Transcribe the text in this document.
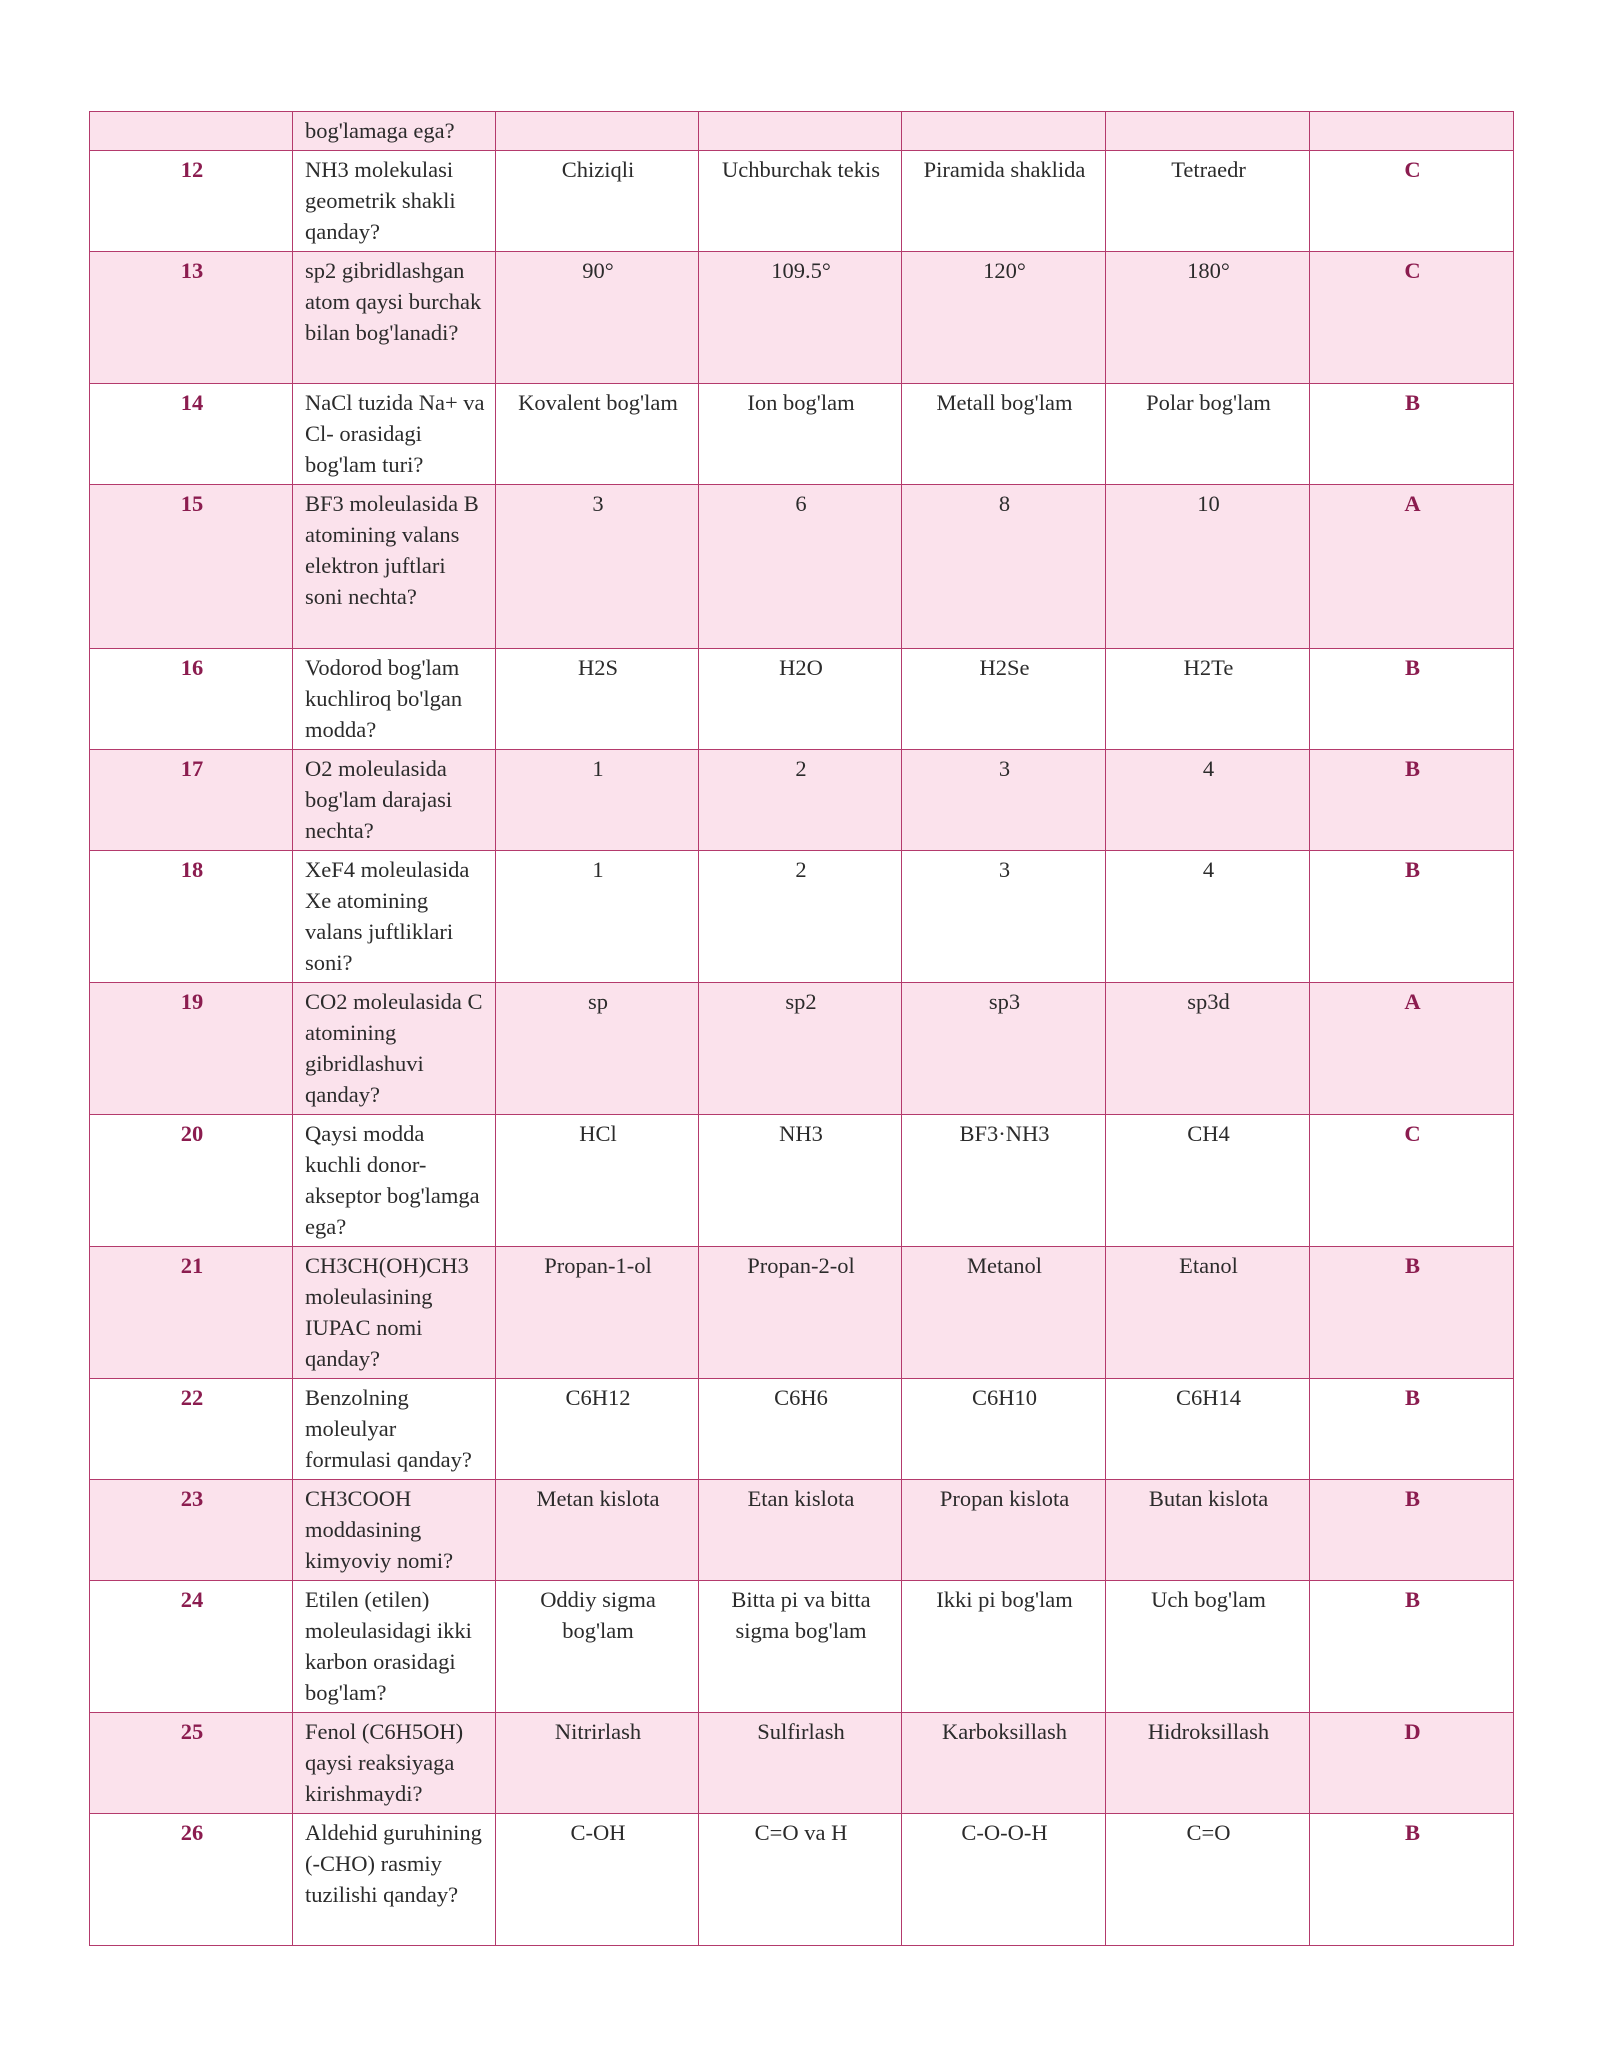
	bog'lamaga ega?					
12	NH3 molekulasi geometrik shakli qanday?	Chiziqli	Uchburchak tekis	Piramida shaklida	Tetraedr	C
13	sp2 gibridlashgan atom qaysi burchak bilan bog'lanadi?	90°	109.5°	120°	180°	C
14	NaCl tuzida Na+ va Cl- orasidagi bog'lam turi?	Kovalent bog'lam	Ion bog'lam	Metall bog'lam	Polar bog'lam	B
15	BF3 moleulasida B atomining valans elektron juftlari soni nechta?	3	6	8	10	A
16	Vodorod bog'lam kuchliroq bo'lgan modda?	H2S	H2O	H2Se	H2Te	B
17	O2 moleulasida bog'lam darajasi nechta?	1	2	3	4	B
18	XeF4 moleulasida Xe atomining valans juftliklari soni?	1	2	3	4	B
19	CO2 moleulasida C atomining gibridlashuvi qanday?	sp	sp2	sp3	sp3d	A
20	Qaysi modda kuchli donor-akseptor bog'lamga ega?	HCl	NH3	BF3·NH3	CH4	C
21	CH3CH(OH)CH3 moleulasining IUPAC nomi qanday?	Propan-1-ol	Propan-2-ol	Metanol	Etanol	B
22	Benzolning moleulyar formulasi qanday?	C6H12	C6H6	C6H10	C6H14	B
23	CH3COOH moddasining kimyoviy nomi?	Metan kislota	Etan kislota	Propan kislota	Butan kislota	B
24	Etilen (etilen) moleulasidagi ikki karbon orasidagi bog'lam?	Oddiy sigma bog'lam	Bitta pi va bitta sigma bog'lam	Ikki pi bog'lam	Uch bog'lam	B
25	Fenol (C6H5OH) qaysi reaksiyaga kirishmaydi?	Nitrirlash	Sulfirlash	Karboksillash	Hidroksillash	D
26	Aldehid guruhining (-CHO) rasmiy tuzilishi qanday?	C-OH	C=O va H	C-O-O-H	C=O	B
